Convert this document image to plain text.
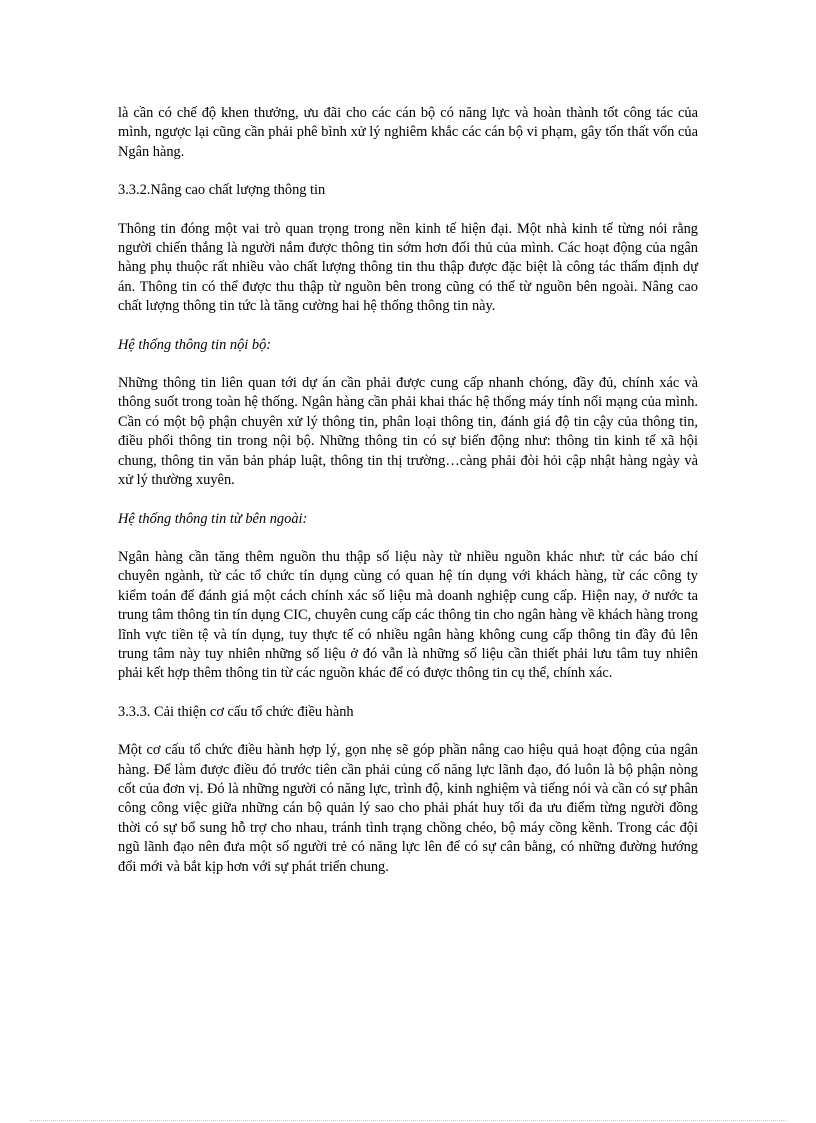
là cần có chế độ khen thưởng, ưu đãi cho các cán bộ có năng lực và hoàn thành tốt công tác của mình, ngược lại cũng cần phải phê bình xử lý nghiêm khắc các cán bộ vi phạm, gây tổn thất vốn của Ngân hàng.

3.3.2.Nâng cao chất lượng thông tin

Thông tin đóng một vai trò quan trọng trong nền kinh tế hiện đại. Một nhà kinh tế từng nói rằng người chiến thắng là người nắm được thông tin sớm hơn đối thủ của mình. Các hoạt động của ngân hàng phụ thuộc rất nhiều vào chất lượng thông tin thu thập được đặc biệt là công tác thẩm định dự án. Thông tin có thể được thu thập từ nguồn bên trong cũng có thể từ nguồn bên ngoài. Nâng cao chất lượng thông tin tức là tăng cường hai hệ thống thông tin này.

Hệ thống thông tin nội bộ:

Những thông tin liên quan tới dự án cần phải được cung cấp nhanh chóng, đầy đủ, chính xác và thông suốt trong toàn hệ thống. Ngân hàng cần phải khai thác hệ thống máy tính nối mạng của mình. Cần có một bộ phận chuyên xử lý thông tin, phân loại thông tin, đánh giá độ tin cậy của thông tin, điều phối thông tin trong nội bộ. Những thông tin có sự biến động như: thông tin kinh tế xã hội chung, thông tin văn bản pháp luật, thông tin thị trường…càng phải đòi hỏi cập nhật hàng ngày và xử lý thường xuyên.

Hệ thống thông tin từ bên ngoài:

Ngân hàng cần tăng thêm nguồn thu thập số liệu này từ nhiều nguồn khác như: từ các báo chí chuyên ngành, từ các tổ chức tín dụng cùng có quan hệ tín dụng với khách hàng, từ các công ty kiểm toán để đánh giá một cách chính xác số liệu mà doanh nghiệp cung cấp. Hiện nay, ở nước ta trung tâm thông tin tín dụng CIC, chuyên cung cấp các thông tin cho ngân hàng về khách hàng trong lĩnh vực tiền tệ và tín dụng, tuy thực tế có nhiều ngân hàng không cung cấp thông tin đầy đủ lên trung tâm này tuy nhiên những số liệu ở đó vẫn là những số liệu cần thiết phải lưu tâm tuy nhiên phải kết hợp thêm thông tin từ các nguồn khác để có được thông tin cụ thể, chính xác.

3.3.3. Cải thiện cơ cấu tổ chức điều hành

Một cơ cấu tổ chức điều hành hợp lý, gọn nhẹ sẽ góp phần nâng cao hiệu quả hoạt động của ngân hàng. Để làm được điều đó trước tiên cần phải củng cố năng lực lãnh đạo, đó luôn là bộ phận nòng cốt của đơn vị. Đó là những người có năng lực, trình độ, kinh nghiệm và tiếng nói và cần có sự phân công công việc giữa những cán bộ quản lý sao cho phải phát huy tối đa ưu điểm từng người đồng thời có sự bổ sung hỗ trợ cho nhau, tránh tình trạng chồng chéo, bộ máy cồng kềnh. Trong các đội ngũ lãnh đạo nên đưa một số người trẻ có năng lực lên để có sự cân bằng, có những đường hướng đổi mới và bắt kịp hơn với sự phát triển chung.
